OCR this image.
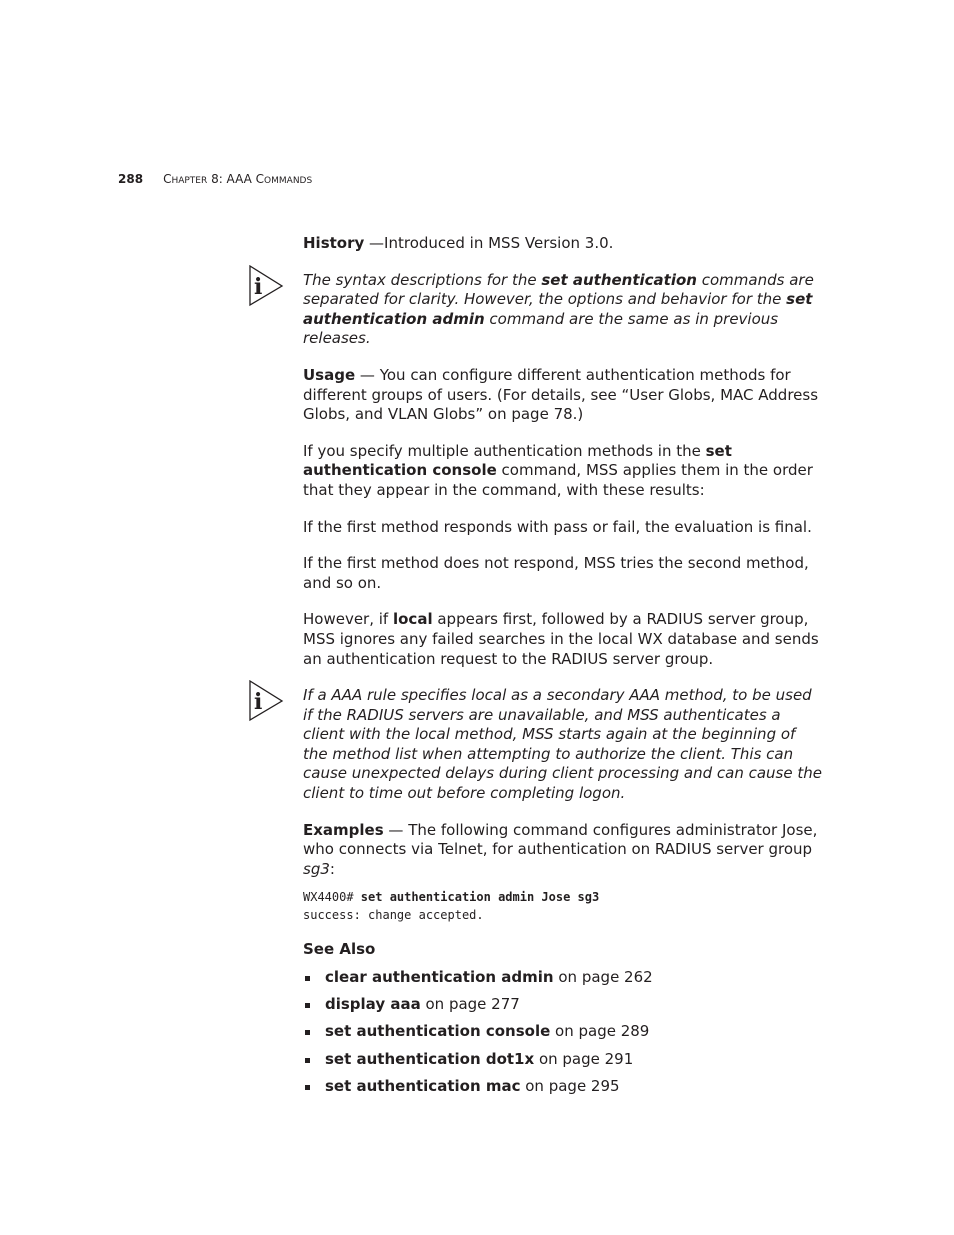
288 CHAPTER 8: AAA COMMANDS

History —Introduced in MSS Version 3.0.

i	The syntax descriptions for the set authentication commands are separated for clarity. However, the options and behavior for the set authentication admin command are the same as in previous releases.

Usage — You can configure different authentication methods for different groups of users. (For details, see “User Globs, MAC Address Globs, and VLAN Globs” on page 78.)

If you specify multiple authentication methods in the set authentication console command, MSS applies them in the order that they appear in the command, with these results:

If the first method responds with pass or fail, the evaluation is final.

If the first method does not respond, MSS tries the second method, and so on.

However, if local appears first, followed by a RADIUS server group, MSS ignores any failed searches in the local WX database and sends an authentication request to the RADIUS server group.

i	If a AAA rule specifies local as a secondary AAA method, to be used if the RADIUS servers are unavailable, and MSS authenticates a client with the local method, MSS starts again at the beginning of the method list when attempting to authorize the client. This can cause unexpected delays during client processing and can cause the client to time out before completing logon.

Examples — The following command configures administrator Jose, who connects via Telnet, for authentication on RADIUS server group sg3:

WX4400# set authentication admin Jose sg3
success: change accepted.
See Also
clear authentication admin on page 262
display aaa on page 277
set authentication console on page 289
set authentication dot1x on page 291
set authentication mac on page 295
